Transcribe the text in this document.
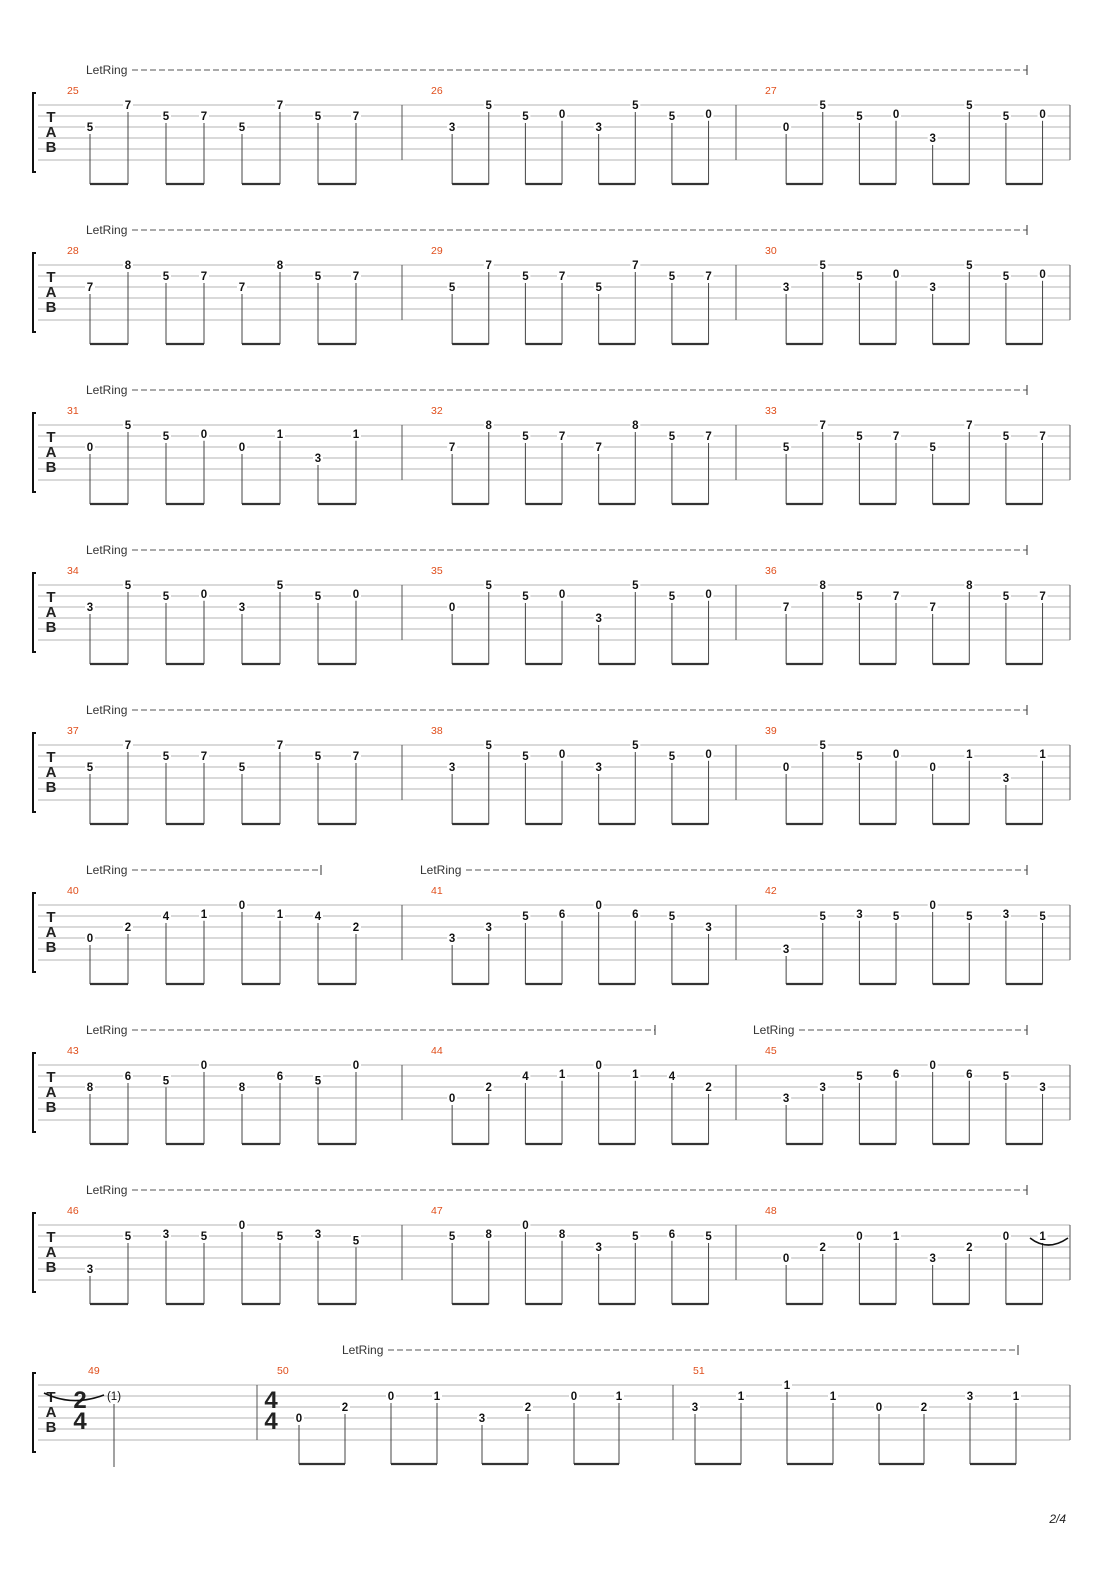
T
A
B
LetRing
25
5
7
5	7
5
7
5	7
26
3
5
5	0
3
5
5	0
27
0
5
5	0
3
5
5	0
T
A
B
LetRing
28
7
8
5	7
7
8
5	7
29
5
7
5	7
5
7
5	7
30
3
5
5	0
3
5
5	0
T
A
B
LetRing
31
0
5
5	0
0
1
3
1
32
7
8
5	7
7
8
5	7
33
5
7
5	7
5
7
5	7
T
A
B
LetRing
34
3
5
5	0
3
5
5	0
35
0
5
5	0
3
5
5	0
36
7
8
5	7
7
8
5	7
T
A
B
LetRing
37
5
7
5	7
5
7
5	7
38
3
5
5	0
3
5
5	0
39
0
5
5	0
0
1
3
1
T
A
B
LetRing	LetRing
40
0
2
4	1
0
1	4
2
41
3
3
5	6
0
6	5
3
42
3
5	3	5
0
5	3	5
T
A
B
LetRing	LetRing
43
8
6	5
0
8
6	5
0
44
0
2
4	1
0
1	4
2
45
3
3
5	6
0
6	5
3
T
A
B
LetRing
46
3
5	3	5
0
5	3
5
47
5	8
0
8
3
5	6	5
48
0
2
0	1
3
2
0	1
T
A
B
LetRing
49
2
4
(1)
50
4
4 0
2
0	1
3
2
0	1
51
3
1
1
1
0	2
3	1
2/4
